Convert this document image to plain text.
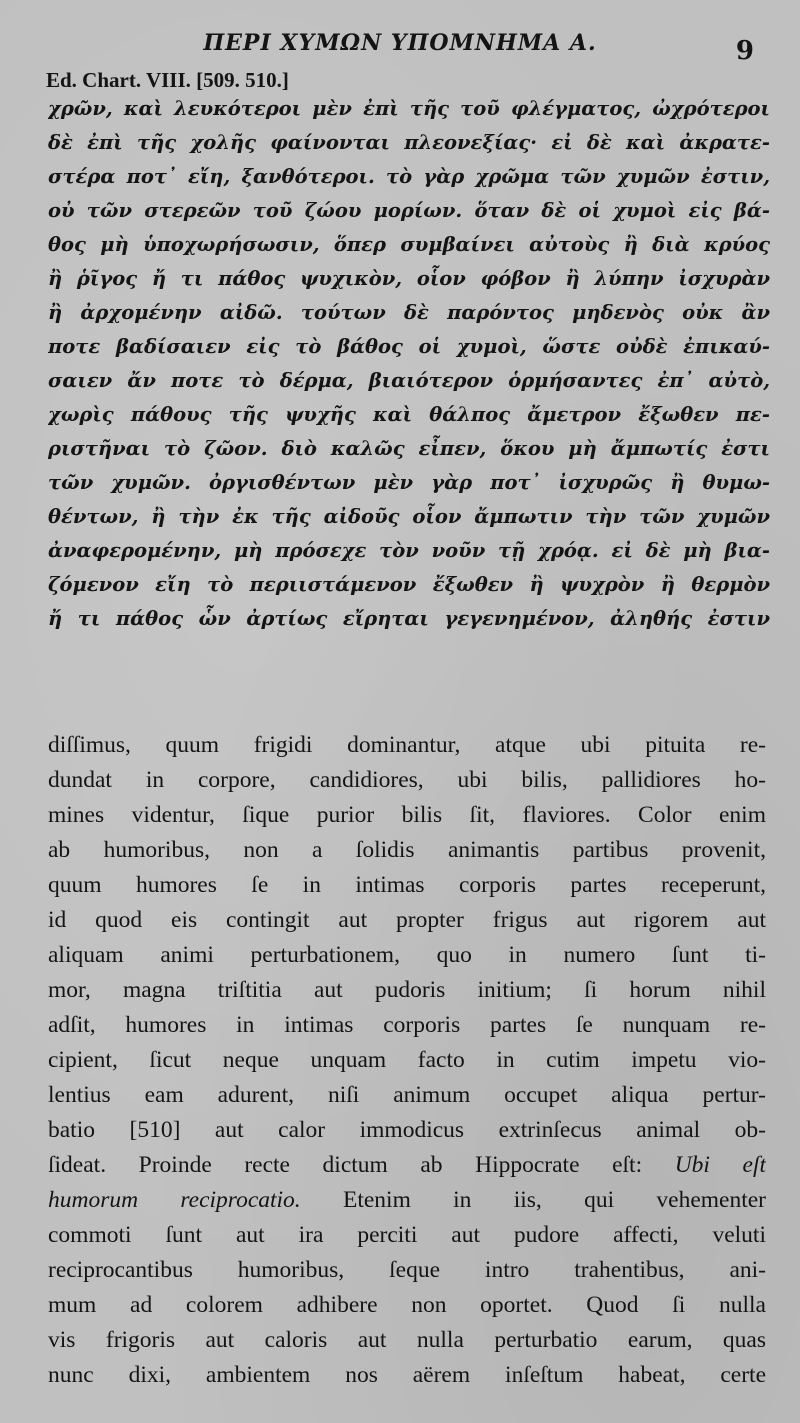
ΠΕΡΙ ΧΥΜΩΝ ΥΠΟΜΝΗΜΑ Α.	9
Ed. Chart. VIII. [509. 510.]
χρῶν, καὶ λευκότεροι μὲν ἐπὶ τῆς τοῦ φλέγματος, ὠχρότεροι
δὲ ἐπὶ τῆς χολῆς φαίνονται πλεονεξίας· εἰ δὲ καὶ ἀκρατε-
στέρα ποτ᾽ εἴη, ξανθότεροι. τὸ γὰρ χρῶμα τῶν χυμῶν ἐστιν,
οὐ τῶν στερεῶν τοῦ ζώου μορίων. ὅταν δὲ οἱ χυμοὶ εἰς βά-
θος μὴ ὑποχωρήσωσιν, ὅπερ συμβαίνει αὐτοὺς ἢ διὰ κρύος
ἢ ῥῖγος ἤ τι πάθος ψυχικὸν, οἷον φόβον ἢ λύπην ἰσχυρὰν
ἢ ἀρχομένην αἰδῶ. τούτων δὲ παρόντος μηδενὸς οὐκ ἂν
ποτε βαδίσαιεν εἰς τὸ βάθος οἱ χυμοὶ, ὥστε οὐδὲ ἐπικαύ-
σαιεν ἄν ποτε τὸ δέρμα, βιαιότερον ὁρμήσαντες ἐπ᾽ αὐτὸ,
χωρὶς πάθους τῆς ψυχῆς καὶ θάλπος ἄμετρον ἔξωθεν πε-
ριστῆναι τὸ ζῶον. διὸ καλῶς εἶπεν, ὅκου μὴ ἄμπωτίς ἐστι
τῶν χυμῶν. ὀργισθέντων μὲν γὰρ ποτ᾽ ἰσχυρῶς ἢ θυμω-
θέντων, ἢ τὴν ἐκ τῆς αἰδοῦς οἷον ἄμπωτιν τὴν τῶν χυμῶν
ἀναφερομένην, μὴ πρόσεχε τὸν νοῦν τῇ χρόᾳ. εἰ δὲ μὴ βια-
ζόμενον εἴη τὸ περιιστάμενον ἔξωθεν ἢ ψυχρὸν ἢ θερμὸν
ἤ τι πάθος ὧν ἀρτίως εἴρηται γεγενημένον, ἀληθής ἐστιν
diſſimus, quum frigidi dominantur, atque ubi pituita re-
dundat in corpore, candidiores, ubi bilis, pallidiores ho-
mines videntur, ſique purior bilis ſit, flaviores. Color enim
ab humoribus, non a ſolidis animantis partibus provenit,
quum humores ſe in intimas corporis partes receperunt,
id quod eis contingit aut propter frigus aut rigorem aut
aliquam animi perturbationem, quo in numero ſunt ti-
mor, magna triſtitia aut pudoris initium; ſi horum nihil
adſit, humores in intimas corporis partes ſe nunquam re-
cipient, ſicut neque unquam facto in cutim impetu vio-
lentius eam adurent, niſi animum occupet aliqua pertur-
batio [510] aut calor immodicus extrinſecus animal ob-
ſideat. Proinde recte dictum ab Hippocrate eſt: Ubi eſt
humorum reciprocatio. Etenim in iis, qui vehementer
commoti ſunt aut ira perciti aut pudore affecti, veluti
reciprocantibus humoribus, ſeque intro trahentibus, ani-
mum ad colorem adhibere non oportet. Quod ſi nulla
vis frigoris aut caloris aut nulla perturbatio earum, quas
nunc dixi, ambientem nos aërem inſeſtum habeat, certe
